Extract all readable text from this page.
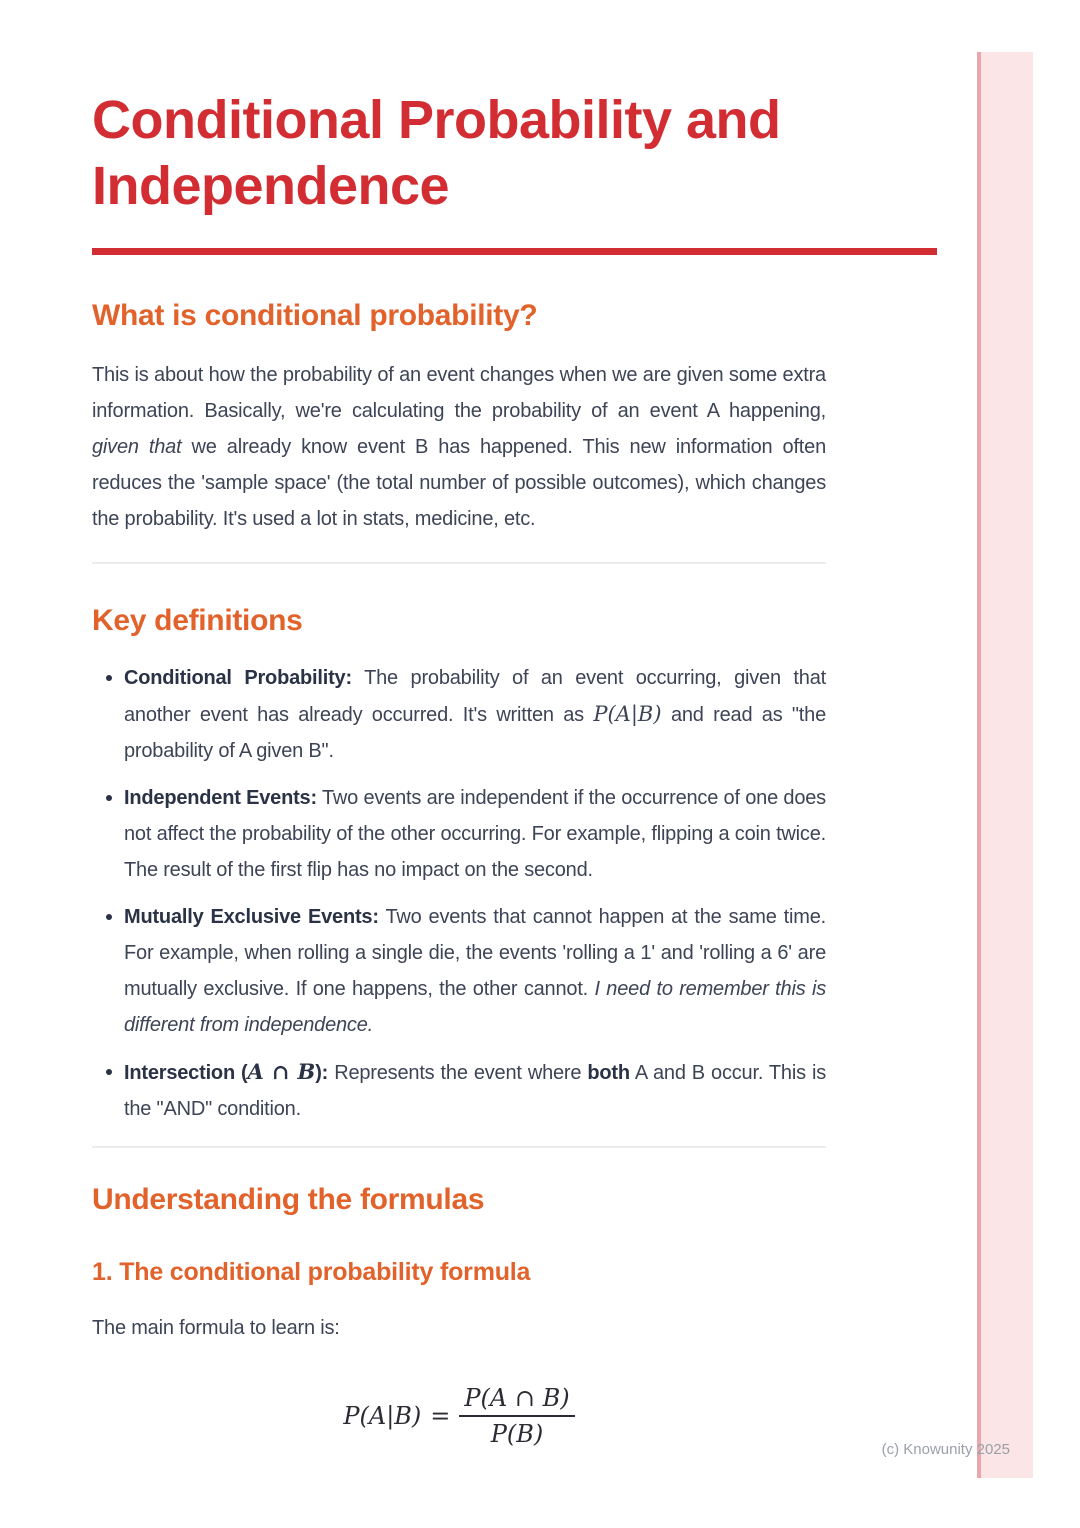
Conditional Probability and
Independence
What is conditional probability?

This is about how the probability of an event changes when we are given some extra information. Basically, we're calculating the probability of an event A happening, given that we already know event B has happened. This new information often reduces the 'sample space' (the total number of possible outcomes), which changes the probability. It's used a lot in stats, medicine, etc.

Key definitions
Conditional Probability: The probability of an event occurring, given that another event has already occurred. It's written as P(A|B) and read as "the probability of A given B".
Independent Events: Two events are independent if the occurrence of one does not affect the probability of the other occurring. For example, flipping a coin twice. The result of the first flip has no impact on the second.
Mutually Exclusive Events: Two events that cannot happen at the same time. For example, when rolling a single die, the events 'rolling a 1' and 'rolling a 6' are mutually exclusive. If one happens, the other cannot. I need to remember this is different from independence.
Intersection (A ∩ B): Represents the event where both A and B occur. This is the "AND" condition.
Understanding the formulas
1. The conditional probability formula

The main formula to learn is:

$P(A|B) = \frac{P(A \cap B)}{P(B)}$
(c) Knowunity 2025
